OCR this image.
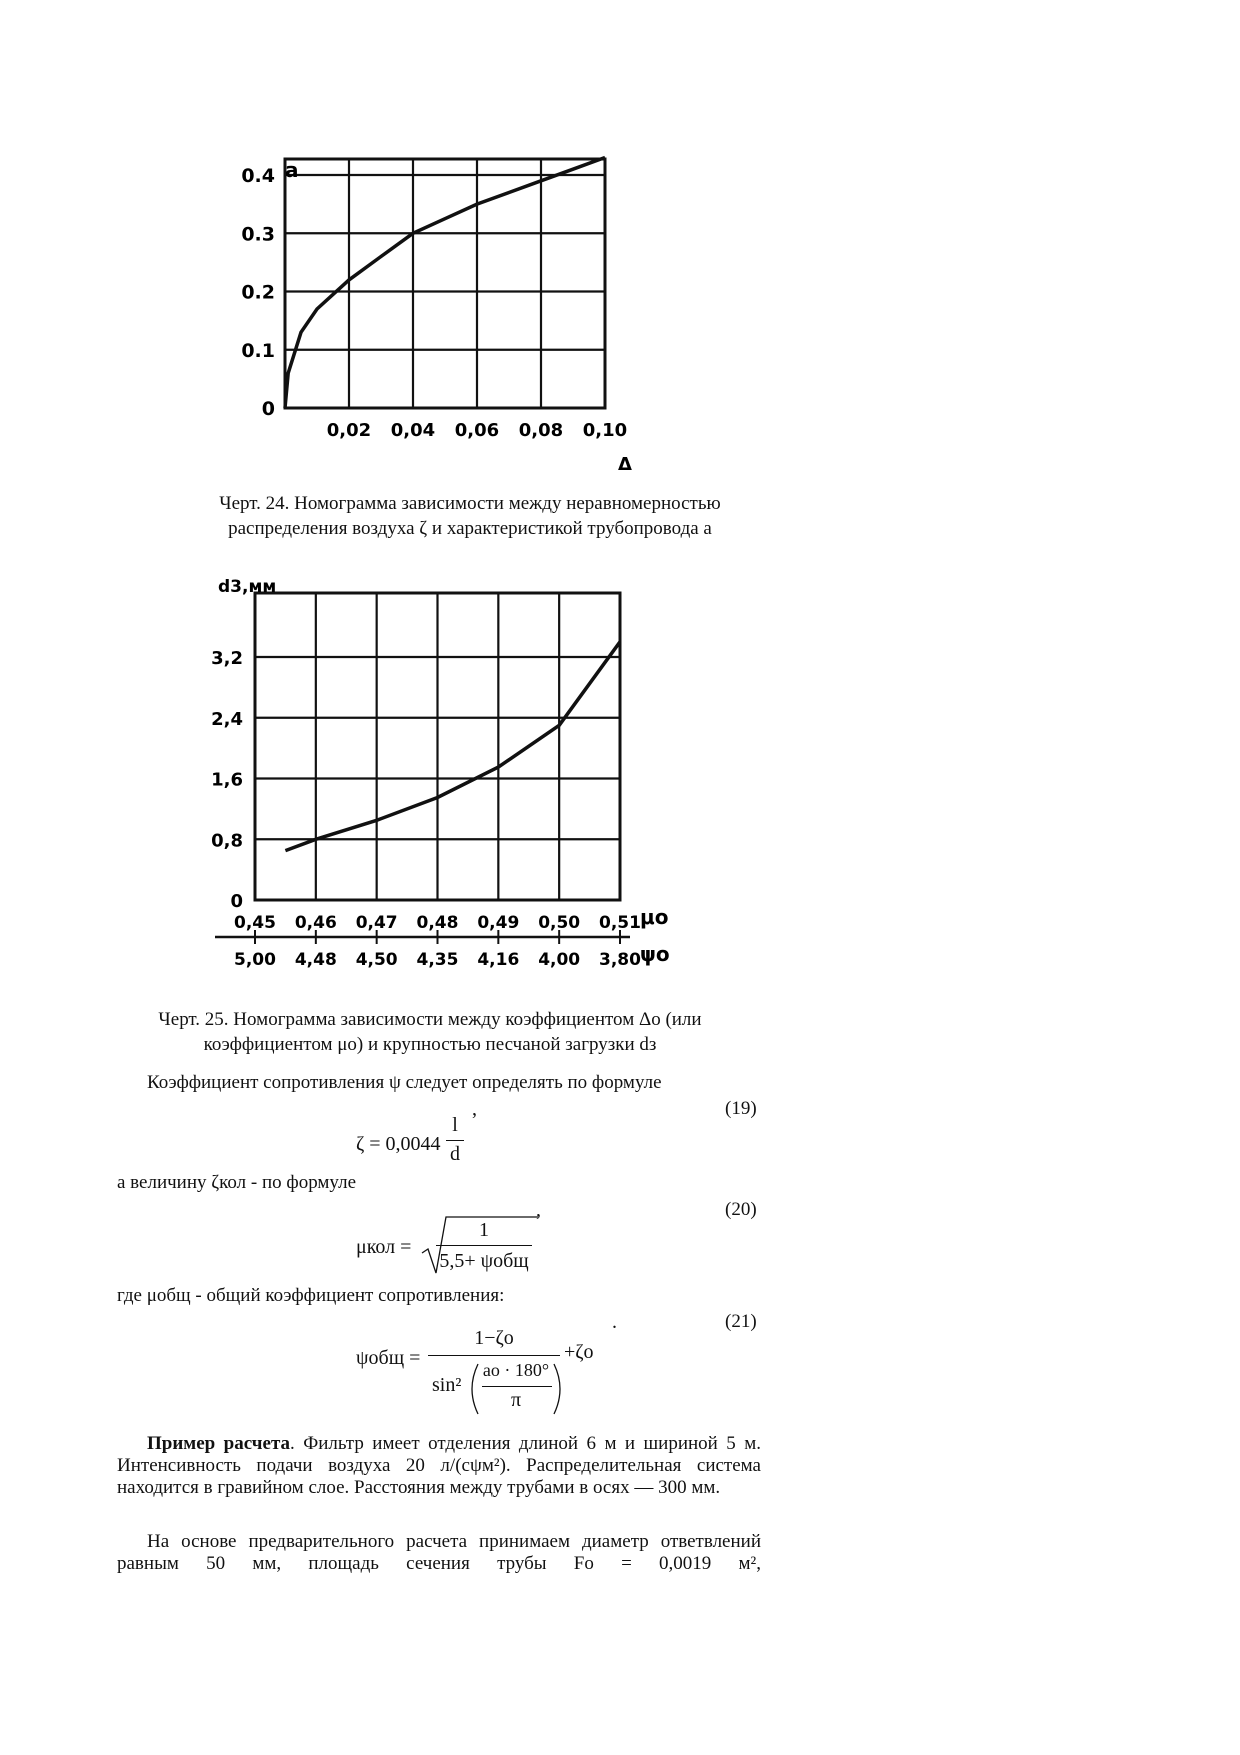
0.4
0.3
0.2
0.1
0
0,02 0,04 0,06 0,08 0,10
a
Δ
Черт. 24. Номограмма зависимости между неравномерностью
распределения воздуха ζ и характеристикой трубопровода а
3,2
2,4
1,6
0,8
0
0,45
5,00
0,46
4,48
0,47
4,50
0,48
4,35
0,49
4,16
0,50
4,00
0,51
3,80
d3,мм
μo
ψo
Черт. 25. Номограмма зависимости между коэффициентом Δо (или
коэффициентом μо) и крупностью песчаной загрузки dз
Коэффициент сопротивления ψ следует определять по формуле
ζ = 0,0044
l
d
,	(19)
а величину ζкол - по формуле
μкол =
1
5,5+ ψобщ
,	(20)
где μобщ - общий коэффициент сопротивления:
ψобщ =
1−ζo
sin²
ao · 180°
π
+ζo
.	(21)
Пример расчета. Фильтр имеет отделения длиной 6 м и шириной 5 м. Интенсивность подачи воздуха 20 л/(сψм²). Распределительная система находится в гравийном слое. Расстояния между трубами в осях — 300 мм.
На основе предварительного расчета принимаем диаметр ответвлений равным 50 мм, площадь сечения трубы Fо = 0,0019 м²,
